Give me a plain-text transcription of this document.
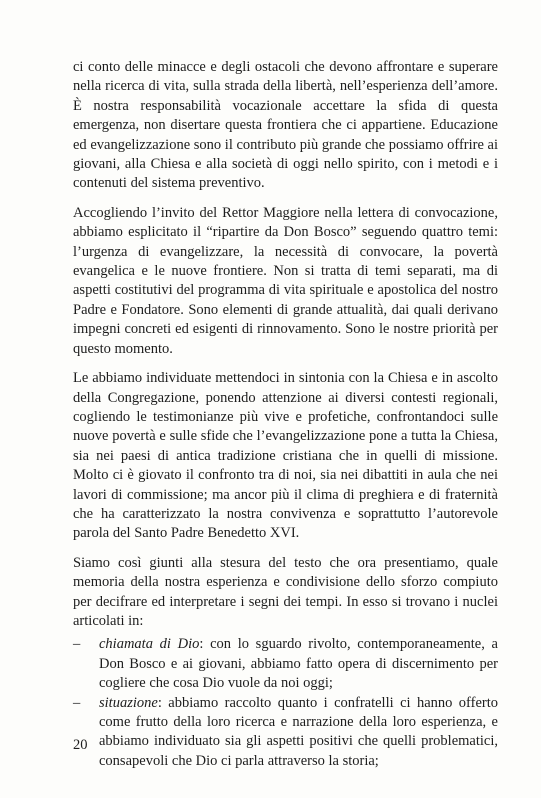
ci conto delle minacce e degli ostacoli che devono affrontare e superare nella ricerca di vita, sulla strada della libertà, nell’esperienza dell’amore. È nostra responsabilità vocazionale accettare la sfida di questa emergenza, non disertare questa frontiera che ci appartiene. Educazione ed evangelizzazione sono il contributo più grande che possiamo offrire ai giovani, alla Chiesa e alla società di oggi nello spirito, con i metodi e i contenuti del sistema preventivo.

Accogliendo l’invito del Rettor Maggiore nella lettera di convocazione, abbiamo esplicitato il “ripartire da Don Bosco” seguendo quattro temi: l’urgenza di evangelizzare, la necessità di convocare, la povertà evangelica e le nuove frontiere. Non si tratta di temi separati, ma di aspetti costitutivi del programma di vita spirituale e apostolica del nostro Padre e Fondatore. Sono elementi di grande attualità, dai quali derivano impegni concreti ed esigenti di rinnovamento. Sono le nostre priorità per questo momento.

Le abbiamo individuate mettendoci in sintonia con la Chiesa e in ascolto della Congregazione, ponendo attenzione ai diversi contesti regionali, cogliendo le testimonianze più vive e profetiche, confrontandoci sulle nuove povertà e sulle sfide che l’evangelizzazione pone a tutta la Chiesa, sia nei paesi di antica tradizione cristiana che in quelli di missione. Molto ci è giovato il confronto tra di noi, sia nei dibattiti in aula che nei lavori di commissione; ma ancor più il clima di preghiera e di fraternità che ha caratterizzato la nostra convivenza e soprattutto l’autorevole parola del Santo Padre Benedetto XVI.

Siamo così giunti alla stesura del testo che ora presentiamo, quale memoria della nostra esperienza e condivisione dello sforzo compiuto per decifrare ed interpretare i segni dei tempi. In esso si trovano i nuclei articolati in:

– chiamata di Dio: con lo sguardo rivolto, contemporaneamente, a Don Bosco e ai giovani, abbiamo fatto opera di discernimento per cogliere che cosa Dio vuole da noi oggi;
– situazione: abbiamo raccolto quanto i confratelli ci hanno offerto come frutto della loro ricerca e narrazione della loro esperienza, e abbiamo individuato sia gli aspetti positivi che quelli problematici, consapevoli che Dio ci parla attraverso la storia;
20
